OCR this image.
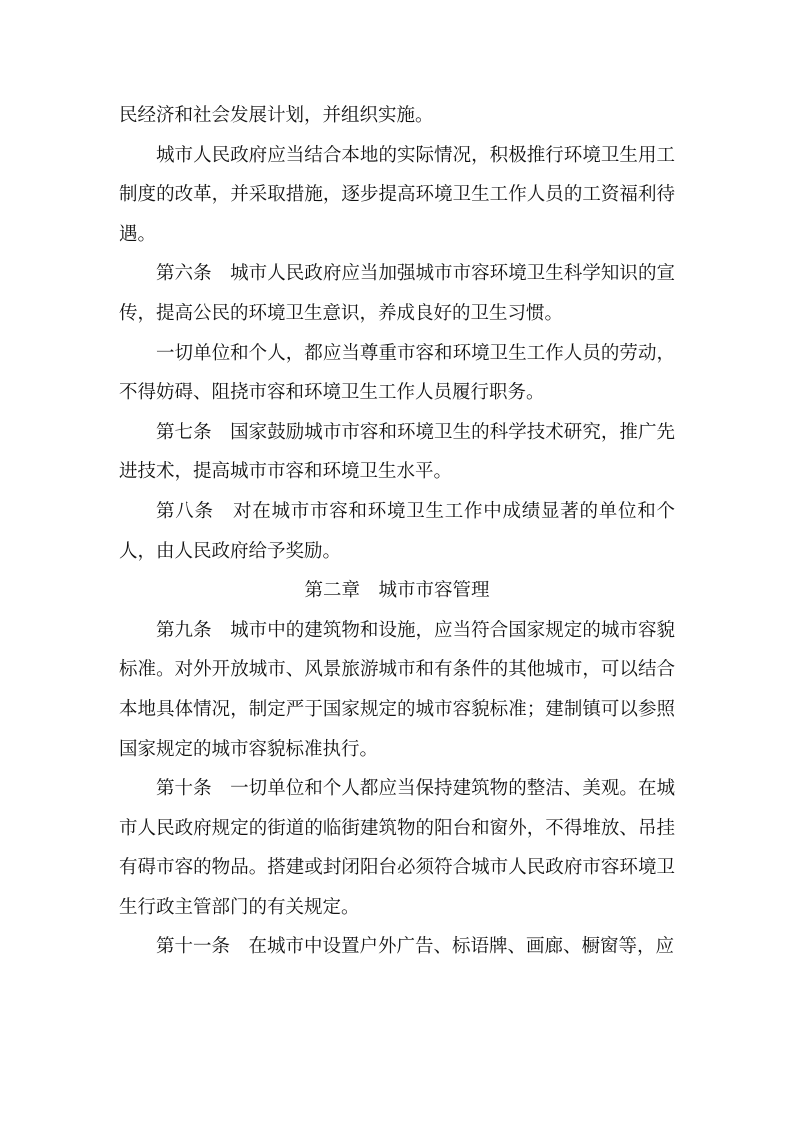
民经济和社会发展计划，并组织实施。

城市人民政府应当结合本地的实际情况，积极推行环境卫生用工制度的改革，并采取措施，逐步提高环境卫生工作人员的工资福利待遇。

第六条　城市人民政府应当加强城市市容环境卫生科学知识的宣传，提高公民的环境卫生意识，养成良好的卫生习惯。

一切单位和个人，都应当尊重市容和环境卫生工作人员的劳动，不得妨碍、阻挠市容和环境卫生工作人员履行职务。

第七条　国家鼓励城市市容和环境卫生的科学技术研究，推广先进技术，提高城市市容和环境卫生水平。

第八条　对在城市市容和环境卫生工作中成绩显著的单位和个人，由人民政府给予奖励。

第二章　城市市容管理

第九条　城市中的建筑物和设施，应当符合国家规定的城市容貌标准。对外开放城市、风景旅游城市和有条件的其他城市，可以结合本地具体情况，制定严于国家规定的城市容貌标准；建制镇可以参照国家规定的城市容貌标准执行。

第十条　一切单位和个人都应当保持建筑物的整洁、美观。在城市人民政府规定的街道的临街建筑物的阳台和窗外，不得堆放、吊挂有碍市容的物品。搭建或封闭阳台必须符合城市人民政府市容环境卫生行政主管部门的有关规定。

第十一条　在城市中设置户外广告、标语牌、画廊、橱窗等，应
